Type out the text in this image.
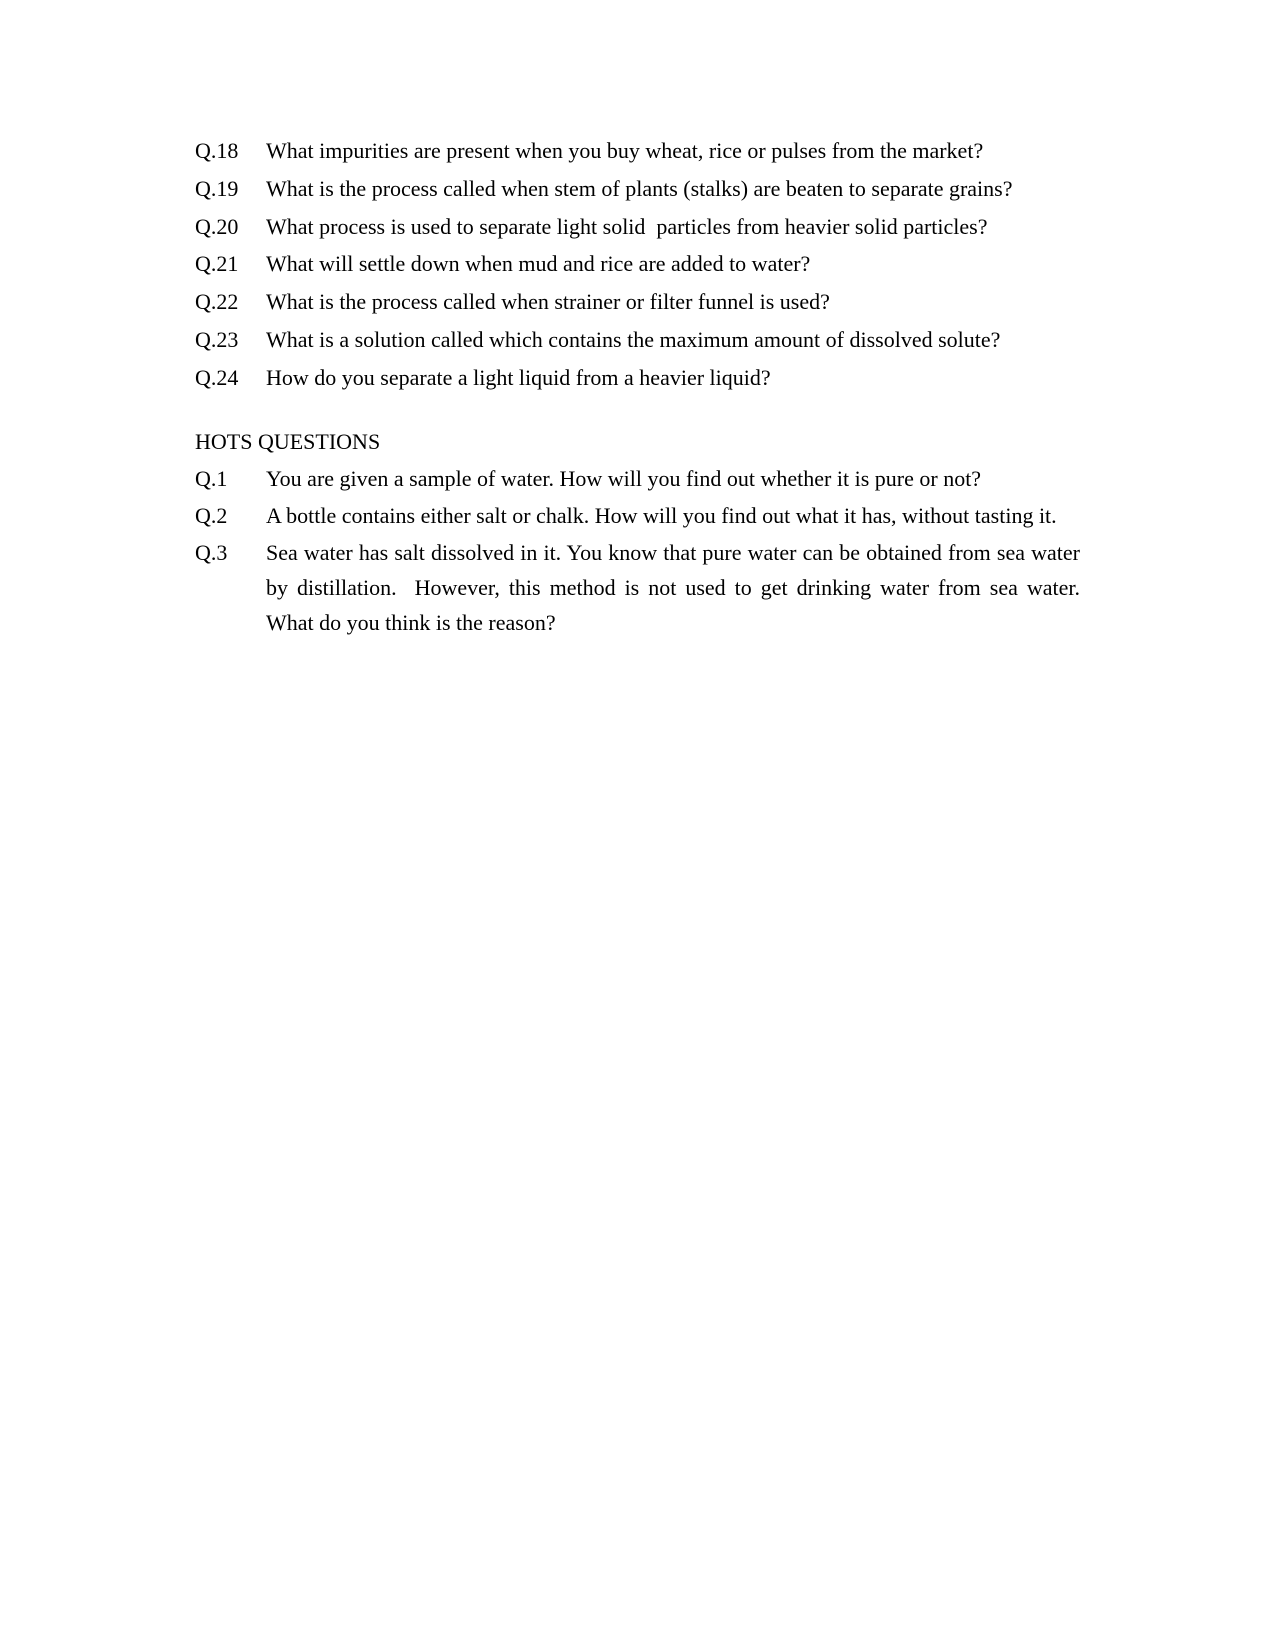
Q.18	What impurities are present when you buy wheat, rice or pulses from the market?
Q.19	What is the process called when stem of plants (stalks) are beaten to separate grains?
Q.20	What process is used to separate light solid  particles from heavier solid particles?
Q.21	What will settle down when mud and rice are added to water?
Q.22	What is the process called when strainer or filter funnel is used?
Q.23	What is a solution called which contains the maximum amount of dissolved solute?
Q.24	How do you separate a light liquid from a heavier liquid?
HOTS QUESTIONS
Q.1	You are given a sample of water. How will you find out whether it is pure or not?
Q.2	A bottle contains either salt or chalk. How will you find out what it has, without tasting it.
Q.3	Sea water has salt dissolved in it. You know that pure water can be obtained from sea water by distillation.  However, this method is not used to get drinking water from sea water.  What do you think is the reason?
